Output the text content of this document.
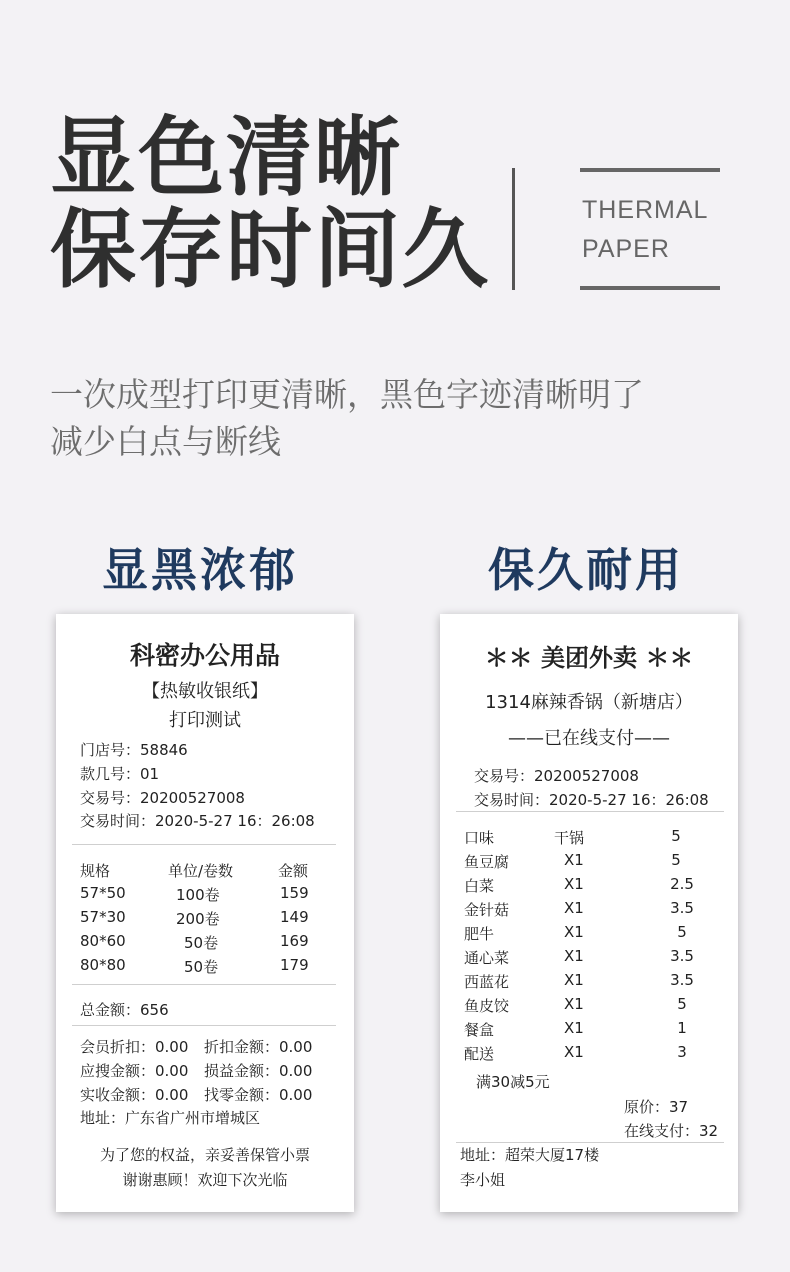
显色清晰
保存时间久	THERMAL
PAPER
一次成型打印更清晰，黑色字迹清晰明了
减少白点与断线
显黑浓郁	保久耐用
科密办公用品
【热敏收银纸】
打印测试
门店号：58846
款几号：01
交易号：20200527008
交易时间：2020-5-27 16：26:08
规格	单位/卷数	金额
57*50	100卷	159
57*30	200卷	149
80*60	50卷	169
80*80	50卷	179
总金额：656
会员折扣：0.00 折扣金额：0.00
应搜金额：0.00 损益金额：0.00
实收金额：0.00 找零金额：0.00
地址：广东省广州市增城区
为了您的权益，亲妥善保管小票
谢谢惠顾！欢迎下次光临
＊＊ 美团外卖 ＊＊
1314麻辣香锅（新塘店）
——已在线支付——
交易号：20200527008
交易时间：2020-5-27 16：26:08
口味	干锅	5
鱼豆腐	X1	5
白菜	X1	2.5
金针菇	X1	3.5
肥牛	X1	5
通心菜	X1	3.5
西蓝花	X1	3.5
鱼皮饺	X1	5
餐盒	X1	1
配送	X1	3
满30减5元
原价：37
在线支付：32
地址：超荣大厦17楼
李小姐
